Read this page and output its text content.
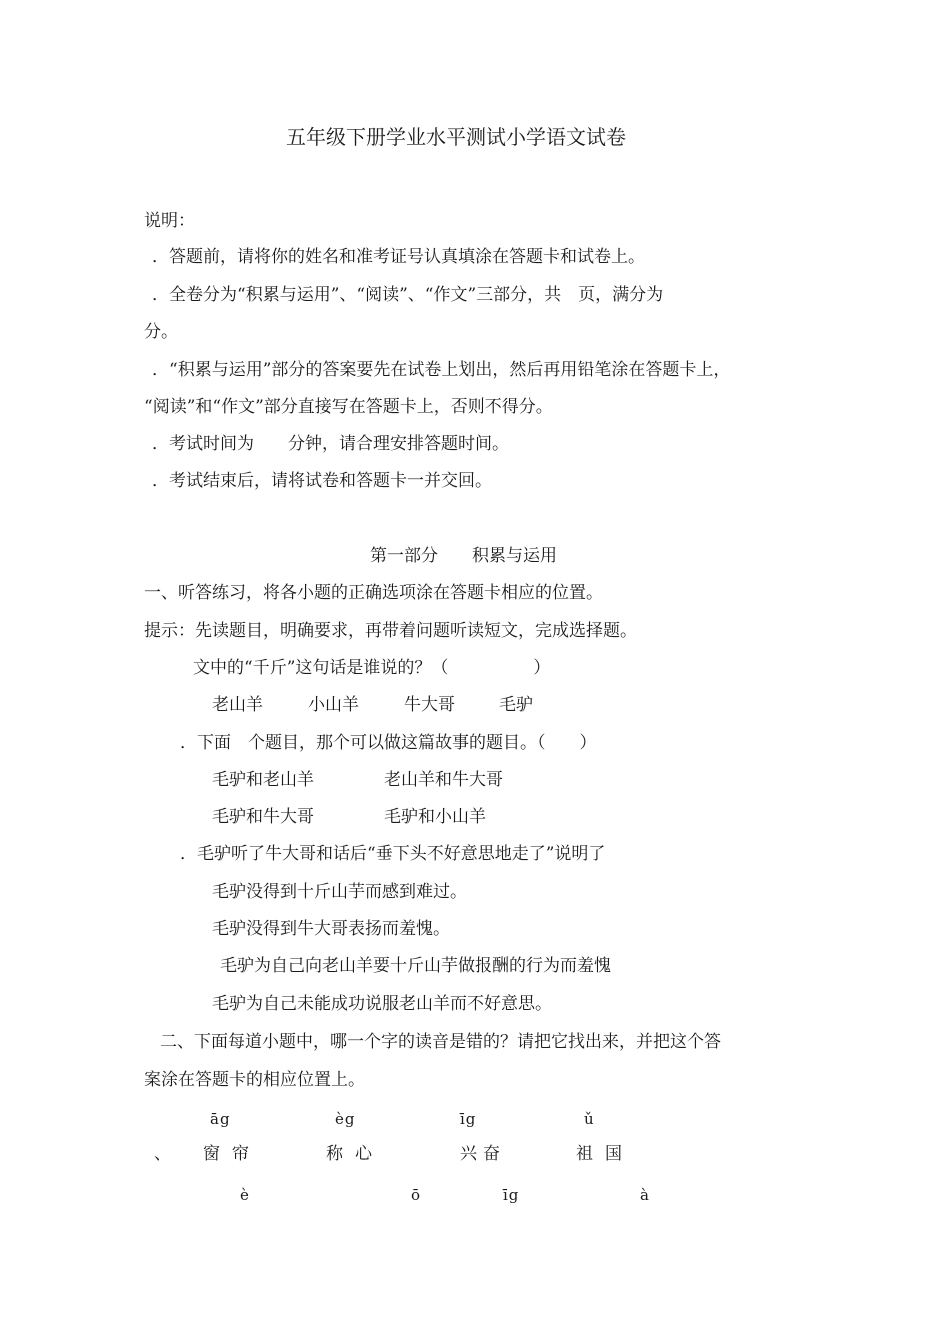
五年级下册学业水平测试小学语文试卷
说明：
．答题前，请将你的姓名和准考证号认真填涂在答题卡和试卷上。
．全卷分为“积累与运用”、“阅读”、“作文”三部分，共　页，满分为
分。
．“积累与运用”部分的答案要先在试卷上划出，然后再用铅笔涂在答题卡上，
“阅读”和“作文”部分直接写在答题卡上，否则不得分。
．考试时间为　　分钟，请合理安排答题时间。
．考试结束后，请将试卷和答题卡一并交回。
第一部分　　积累与运用
一、听答练习，将各小题的正确选项涂在答题卡相应的位置。
提示：先读题目，明确要求，再带着问题听读短文，完成选择题。
文中的“千斤”这句话是谁说的？（　　　　　）
老山羊	小山羊	牛大哥	毛驴
．下面　个题目，那个可以做这篇故事的题目。（　　）
毛驴和老山羊	老山羊和牛大哥
毛驴和牛大哥	毛驴和小山羊
．毛驴听了牛大哥和话后“垂下头不好意思地走了”说明了
毛驴没得到十斤山芋而感到难过。
毛驴没得到牛大哥表扬而羞愧。
毛驴为自己向老山羊要十斤山芋做报酬的行为而羞愧
毛驴为自己未能成功说服老山羊而不好意思。
二、下面每道小题中，哪一个字的读音是错的？请把它找出来，并把这个答
案涂在答题卡的相应位置上。
āg	èg	īg	ǔ
、 窗帘	称心	兴奋	祖国
è	ō	īg	à
